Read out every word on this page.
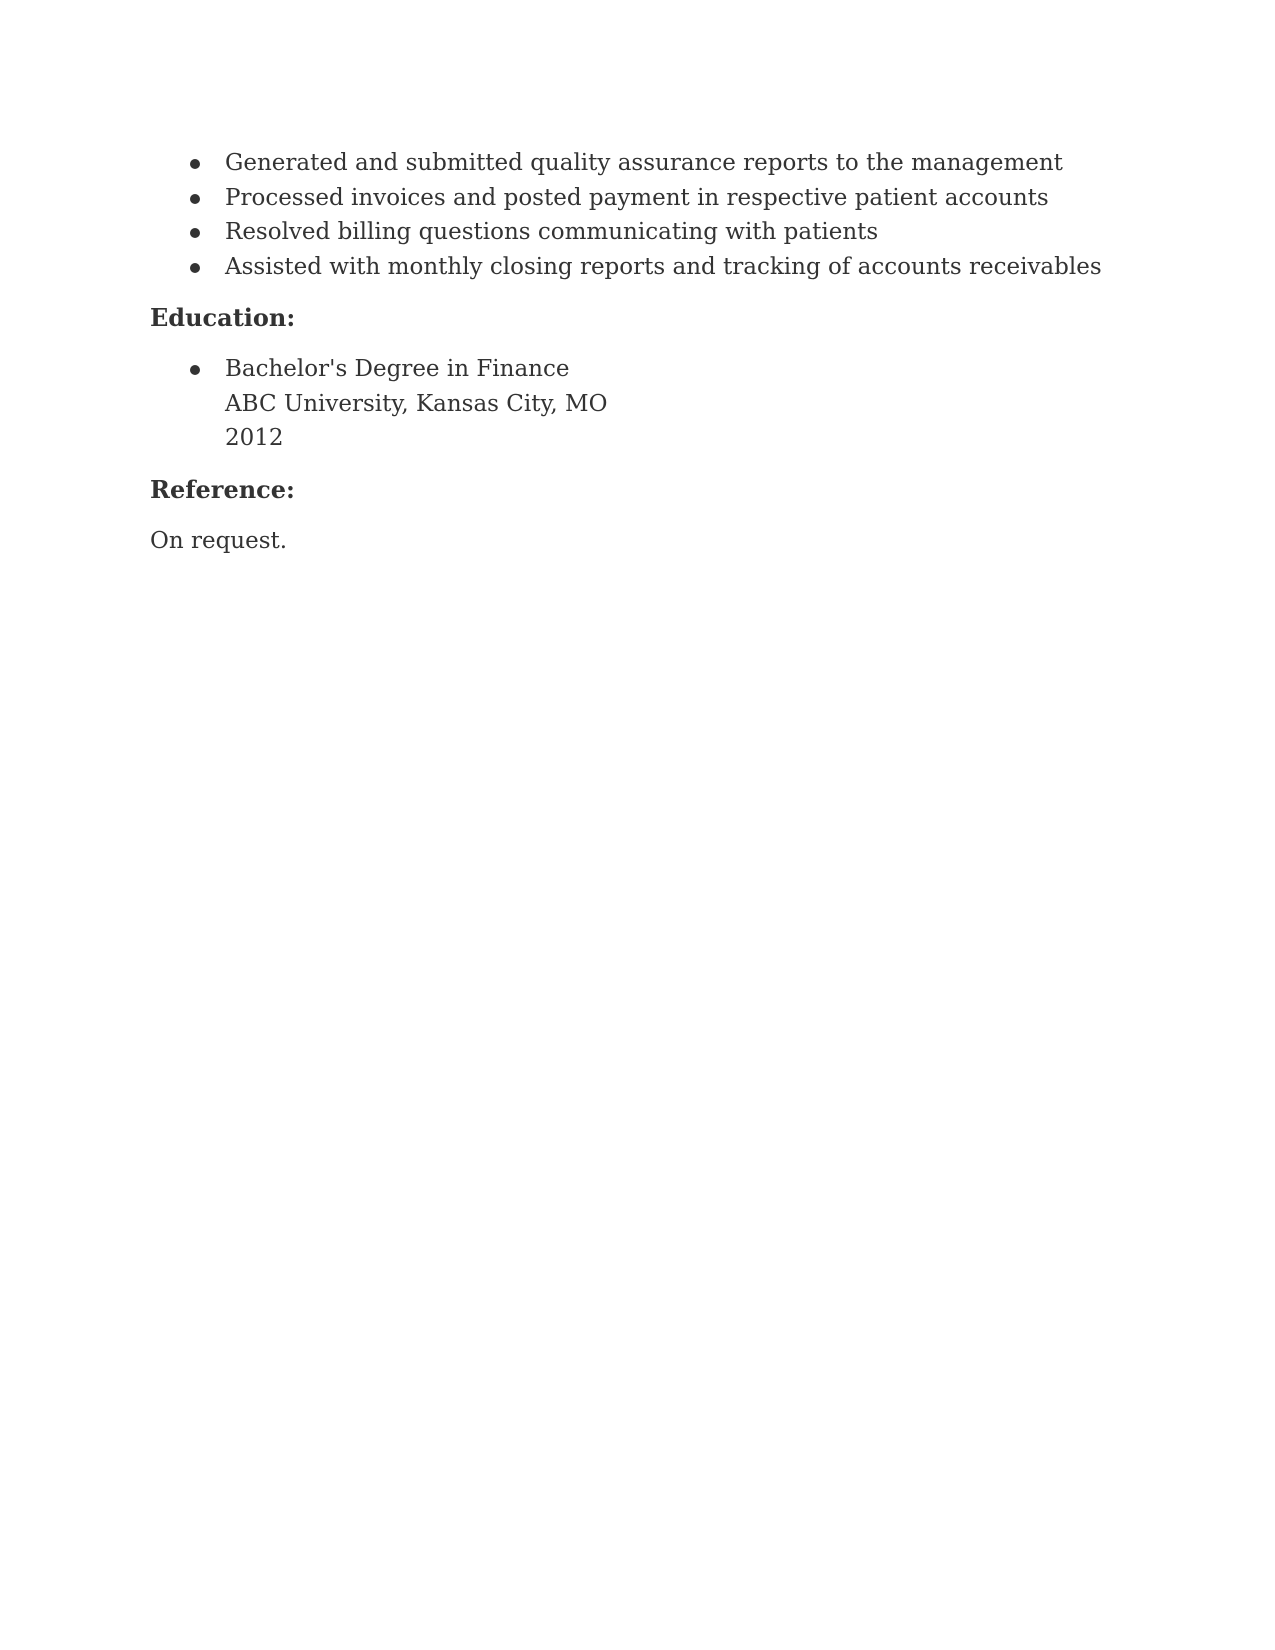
Generated and submitted quality assurance reports to the management
Processed invoices and posted payment in respective patient accounts
Resolved billing questions communicating with patients
Assisted with monthly closing reports and tracking of accounts receivables
Education:
Bachelor's Degree in Finance
ABC University, Kansas City, MO
2012
Reference:

On request.
